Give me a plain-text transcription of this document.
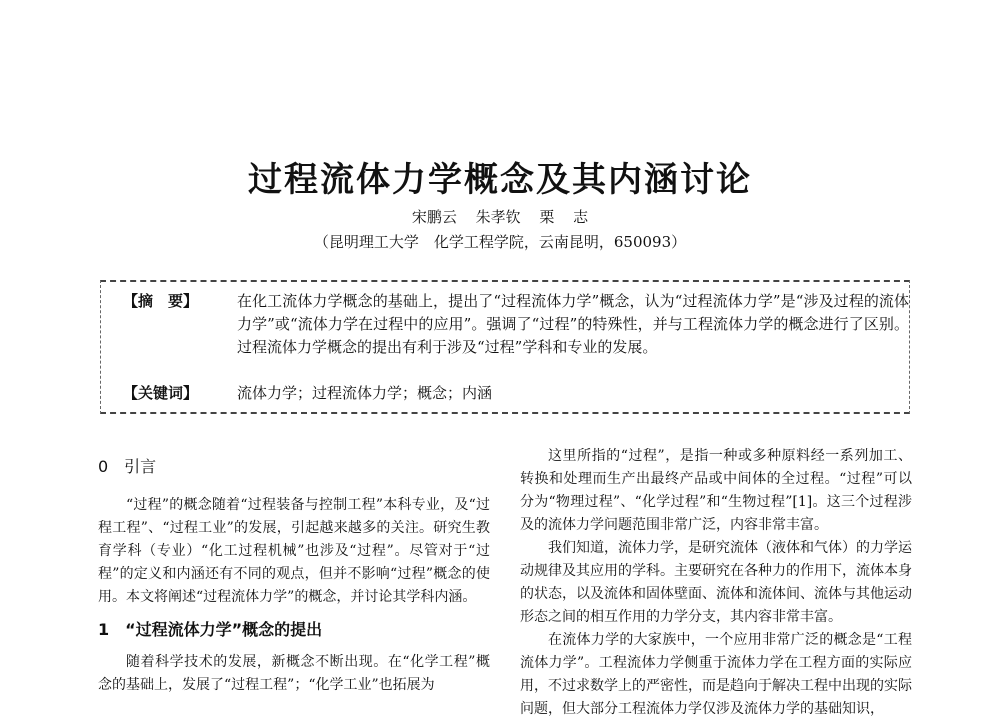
过程流体力学概念及其内涵讨论
宋鹏云 朱孝钦 栗 志
（昆明理工大学　化学工程学院，云南昆明，650093）
【摘　要】	在化工流体力学概念的基础上，提出了“过程流体力学”概念，认为“过程流体力学”是“涉及过程的流体力学”或“流体力学在过程中的应用”。强调了“过程”的特殊性，并与工程流体力学的概念进行了区别。过程流体力学概念的提出有利于涉及“过程”学科和专业的发展。
【关键词】	流体力学；过程流体力学；概念；内涵
0　引言

“过程”的概念随着“过程装备与控制工程”本科专业，及“过程工程”、“过程工业”的发展，引起越来越多的关注。研究生教育学科（专业）“化工过程机械”也涉及“过程”。尽管对于“过程”的定义和内涵还有不同的观点，但并不影响“过程”概念的使用。本文将阐述“过程流体力学”的概念，并讨论其学科内涵。

1　“过程流体力学”概念的提出

随着科学技术的发展，新概念不断出现。在“化学工程”概念的基础上，发展了“过程工程”；“化学工业”也拓展为

这里所指的“过程”，是指一种或多种原料经一系列加工、转换和处理而生产出最终产品或中间体的全过程。“过程”可以分为“物理过程”、“化学过程”和“生物过程”[1]。这三个过程涉及的流体力学问题范围非常广泛，内容非常丰富。

我们知道，流体力学，是研究流体（液体和气体）的力学运动规律及其应用的学科。主要研究在各种力的作用下，流体本身的状态，以及流体和固体壁面、流体和流体间、流体与其他运动形态之间的相互作用的力学分支，其内容非常丰富。

在流体力学的大家族中，一个应用非常广泛的概念是“工程流体力学”。工程流体力学侧重于流体力学在工程方面的实际应用，不过求数学上的严密性，而是趋向于解决工程中出现的实际问题，但大部分工程流体力学仅涉及流体力学的基础知识，
